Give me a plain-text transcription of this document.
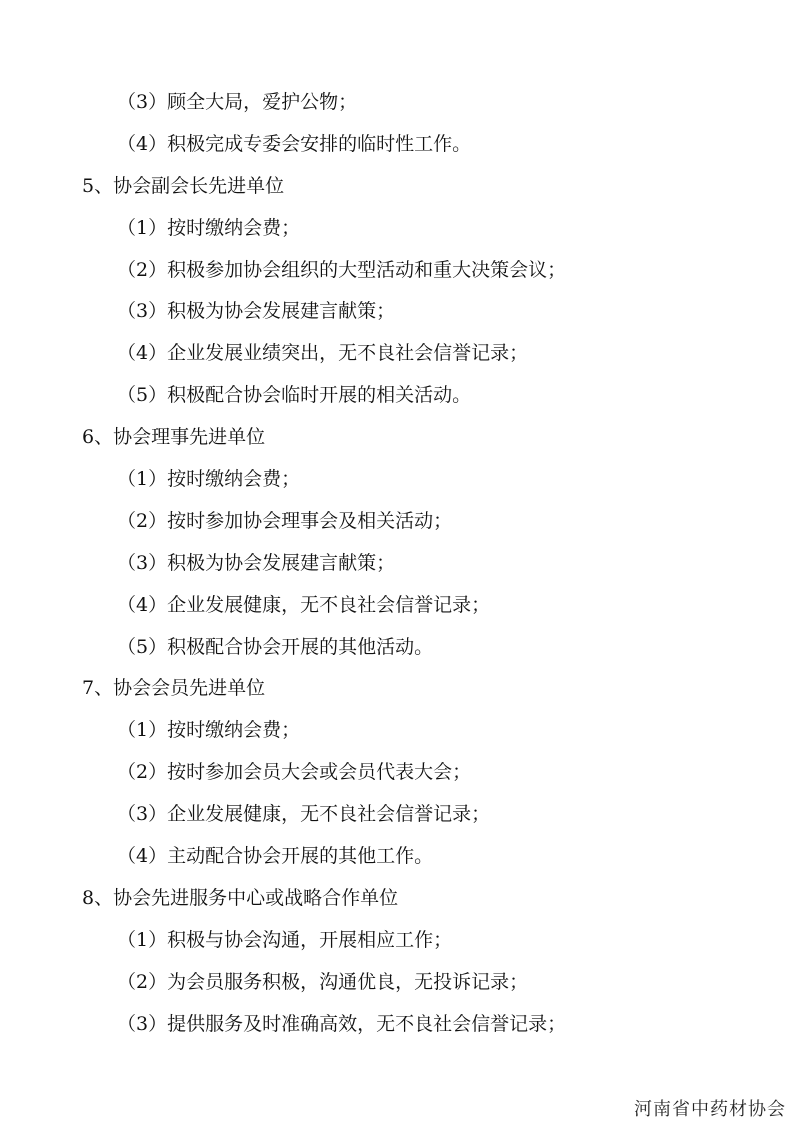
（3）顾全大局，爱护公物；
（4）积极完成专委会安排的临时性工作。
5、协会副会长先进单位
（1）按时缴纳会费；
（2）积极参加协会组织的大型活动和重大决策会议；
（3）积极为协会发展建言献策；
（4）企业发展业绩突出，无不良社会信誉记录；
（5）积极配合协会临时开展的相关活动。
6、协会理事先进单位
（1）按时缴纳会费；
（2）按时参加协会理事会及相关活动；
（3）积极为协会发展建言献策；
（4）企业发展健康，无不良社会信誉记录；
（5）积极配合协会开展的其他活动。
7、协会会员先进单位
（1）按时缴纳会费；
（2）按时参加会员大会或会员代表大会；
（3）企业发展健康，无不良社会信誉记录；
（4）主动配合协会开展的其他工作。
8、协会先进服务中心或战略合作单位
（1）积极与协会沟通，开展相应工作；
（2）为会员服务积极，沟通优良，无投诉记录；
（3）提供服务及时准确高效，无不良社会信誉记录；
河南省中药材协会
